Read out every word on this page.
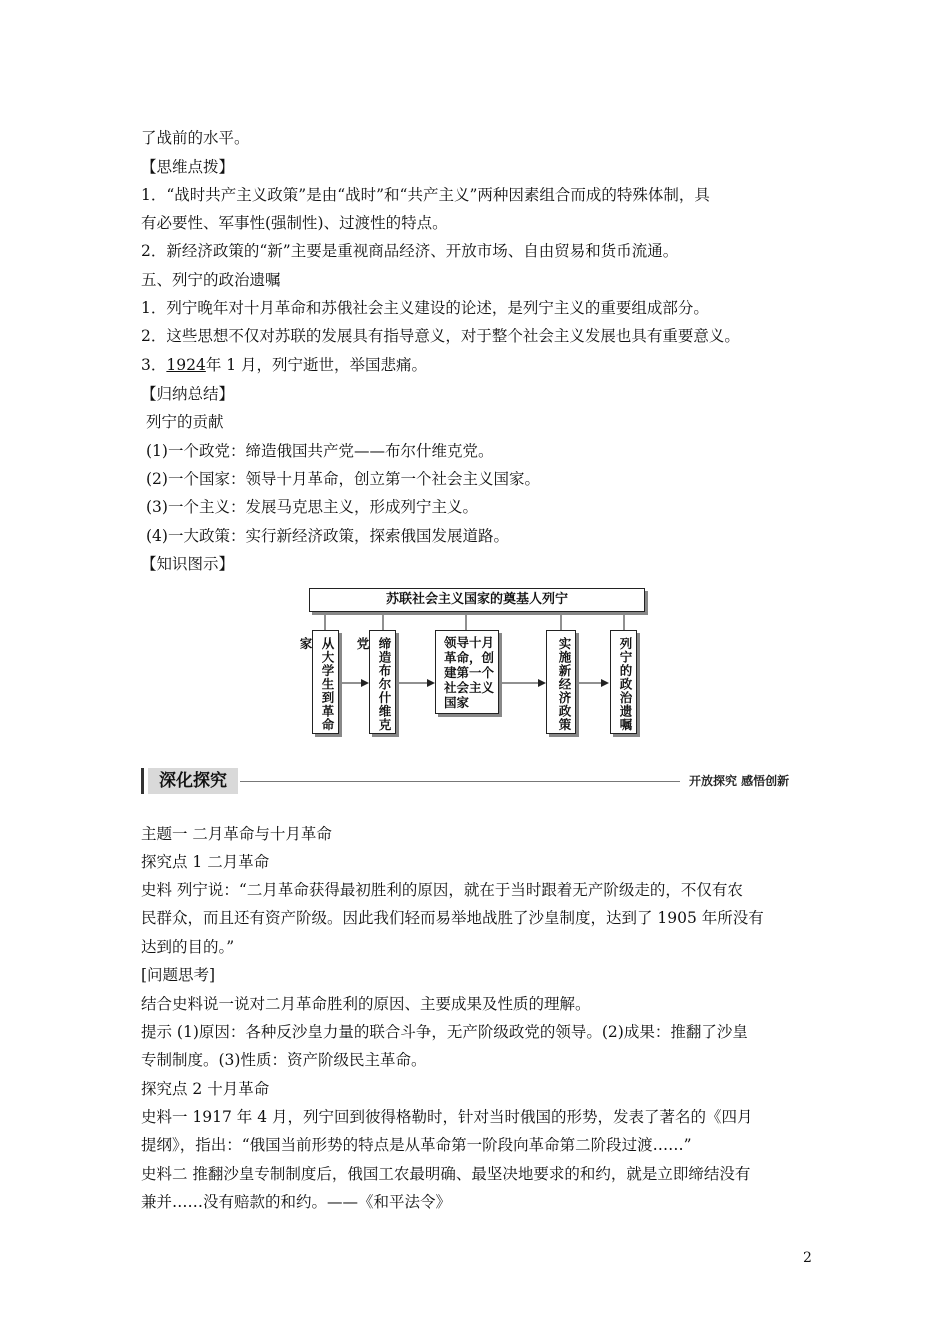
了战前的水平。
【思维点拨】
1．“战时共产主义政策”是由“战时”和“共产主义”两种因素组合而成的特殊体制，具
有必要性、军事性(强制性)、过渡性的特点。
2．新经济政策的“新”主要是重视商品经济、开放市场、自由贸易和货币流通。
五、列宁的政治遗嘱
1．列宁晚年对十月革命和苏俄社会主义建设的论述，是列宁主义的重要组成部分。
2．这些思想不仅对苏联的发展具有指导意义，对于整个社会主义发展也具有重要意义。
3．1924年 1 月，列宁逝世，举国悲痛。
【归纳总结】
列宁的贡献
(1)一个政党：缔造俄国共产党——布尔什维克党。
(2)一个国家：领导十月革命，创立第一个社会主义国家。
(3)一个主义：发展马克思主义，形成列宁主义。
(4)一大政策：实行新经济政策，探索俄国发展道路。
【知识图示】
苏联社会主义国家的奠基人列宁
从大学生到革命家	缔造布尔什维克党	领导十月
革命，创
建第一个
社会主义
国家	实施新经济政策	列宁的政治遗嘱
深化探究	开放探究 感悟创新
主题一 二月革命与十月革命
探究点 1 二月革命
史料 列宁说：“二月革命获得最初胜利的原因，就在于当时跟着无产阶级走的，不仅有农
民群众，而且还有资产阶级。因此我们轻而易举地战胜了沙皇制度，达到了 1905 年所没有
达到的目的。”
[问题思考]
结合史料说一说对二月革命胜利的原因、主要成果及性质的理解。
提示 (1)原因：各种反沙皇力量的联合斗争，无产阶级政党的领导。(2)成果：推翻了沙皇
专制制度。(3)性质：资产阶级民主革命。
探究点 2 十月革命
史料一 1917 年 4 月，列宁回到彼得格勒时，针对当时俄国的形势，发表了著名的《四月
提纲》，指出：“俄国当前形势的特点是从革命第一阶段向革命第二阶段过渡……”
史料二 推翻沙皇专制制度后，俄国工农最明确、最坚决地要求的和约，就是立即缔结没有
兼并……没有赔款的和约。——《和平法令》
2
